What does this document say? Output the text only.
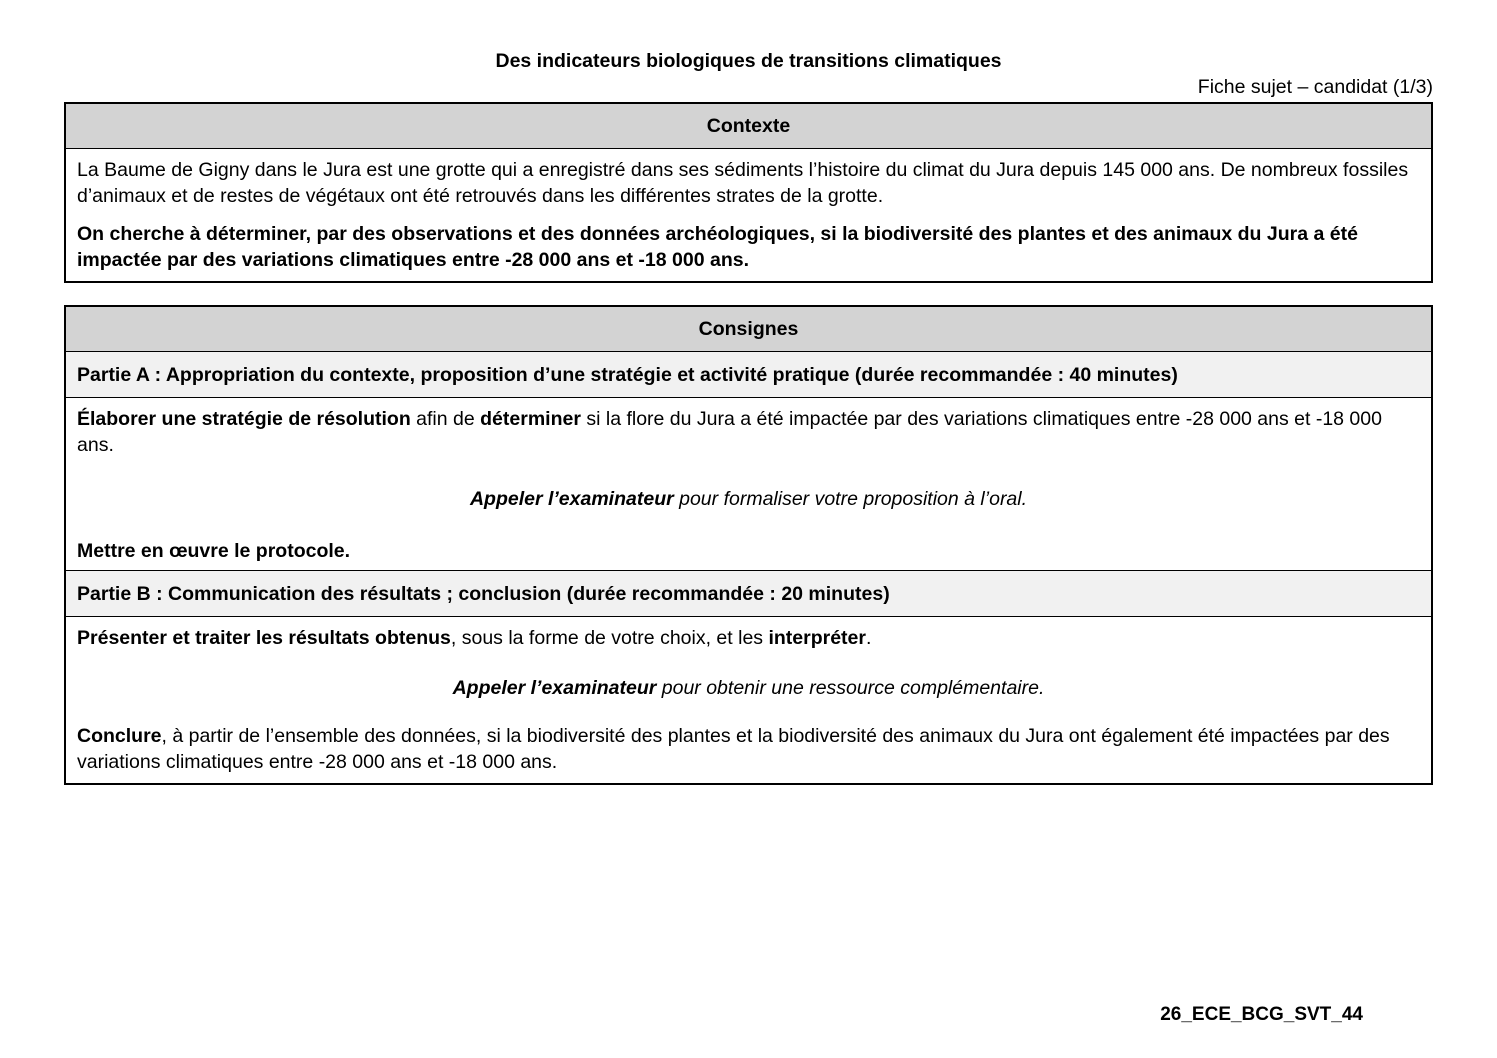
Des indicateurs biologiques de transitions climatiques
Fiche sujet – candidat (1/3)
Contexte

La Baume de Gigny dans le Jura est une grotte qui a enregistré dans ses sédiments l’histoire du climat du Jura depuis 145 000 ans. De nombreux fossiles d’animaux et de restes de végétaux ont été retrouvés dans les différentes strates de la grotte.

On cherche à déterminer, par des observations et des données archéologiques, si la biodiversité des plantes et des animaux du Jura a été impactée par des variations climatiques entre -28 000 ans et -18 000 ans.

Consignes
Partie A : Appropriation du contexte, proposition d’une stratégie et activité pratique (durée recommandée : 40 minutes)

Élaborer une stratégie de résolution afin de déterminer si la flore du Jura a été impactée par des variations climatiques entre -28 000 ans et -18 000 ans.

Appeler l’examinateur pour formaliser votre proposition à l’oral.

Mettre en œuvre le protocole.

Partie B : Communication des résultats ; conclusion (durée recommandée : 20 minutes)

Présenter et traiter les résultats obtenus, sous la forme de votre choix, et les interpréter.

Appeler l’examinateur pour obtenir une ressource complémentaire.

Conclure, à partir de l’ensemble des données, si la biodiversité des plantes et la biodiversité des animaux du Jura ont également été impactées par des variations climatiques entre -28 000 ans et -18 000 ans.

26_ECE_BCG_SVT_44
